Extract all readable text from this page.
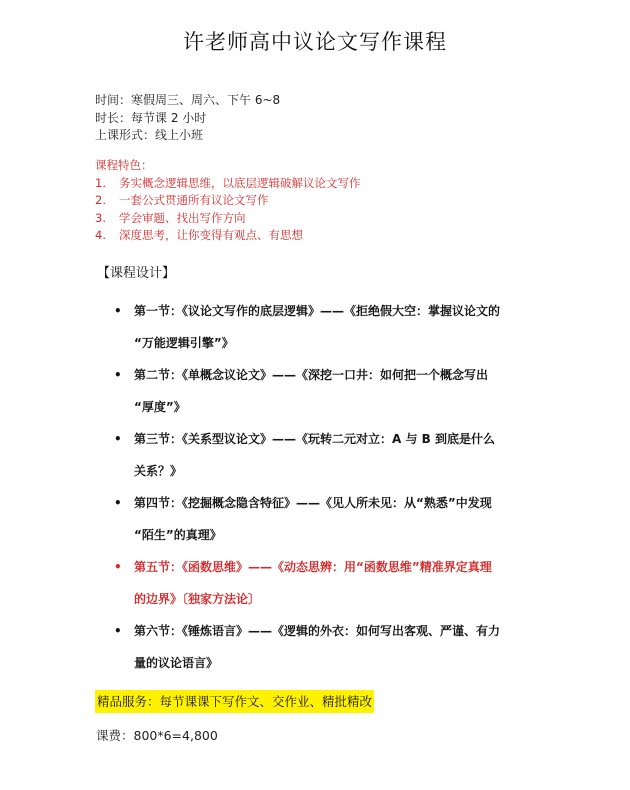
许老师高中议论文写作课程
时间：寒假周三、周六、下午 6~8
时长：每节课 2 小时
上课形式：线上小班
课程特色：
1. 务实概念逻辑思维，以底层逻辑破解议论文写作
2. 一套公式贯通所有议论文写作
3. 学会审题、找出写作方向
4. 深度思考，让你变得有观点、有思想
【课程设计】
• 第一节：《议论文写作的底层逻辑》——《拒绝假大空：掌握议论文的
“万能逻辑引擎”》
• 第二节：《单概念议论文》——《深挖一口井：如何把一个概念写出
“厚度”》
• 第三节：《关系型议论文》——《玩转二元对立：A 与 B 到底是什么
关系？》
• 第四节：《挖掘概念隐含特征》——《见人所未见：从“熟悉”中发现
“陌生”的真理》
• 第五节：《函数思维》——《动态思辨：用“函数思维”精准界定真理
的边界》〔独家方法论〕
• 第六节：《锤炼语言》——《逻辑的外衣：如何写出客观、严谨、有力
量的议论语言》
精品服务：每节课课下写作文、交作业、精批精改
课费：800*6=4,800
